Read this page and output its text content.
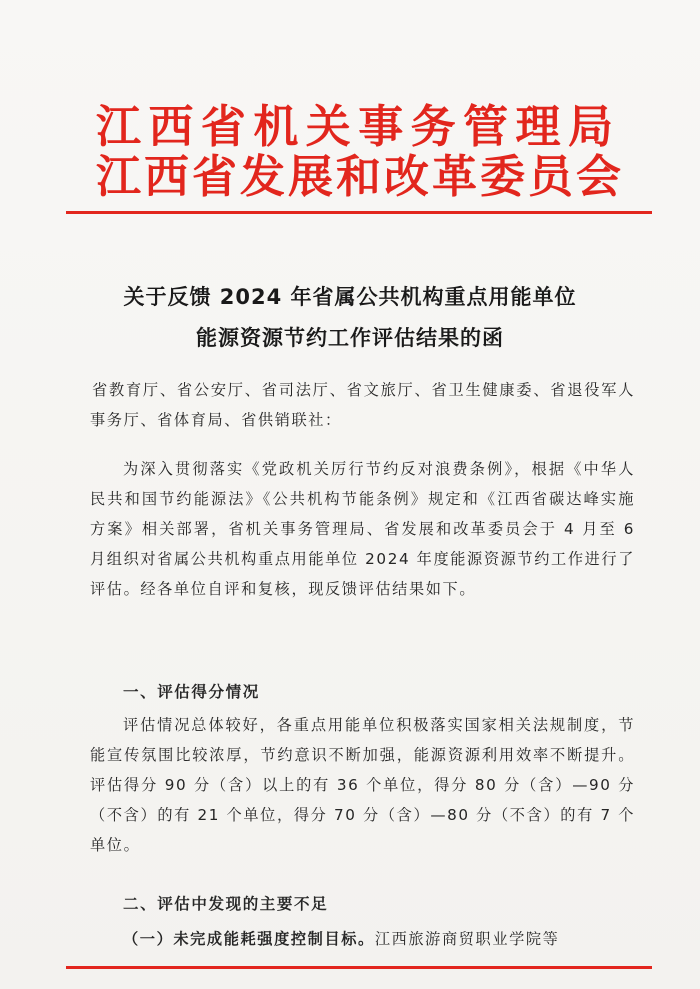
江西省机关事务管理局
江西省发展和改革委员会
关于反馈 2024 年省属公共机构重点用能单位
能源资源节约工作评估结果的函
省教育厅、省公安厅、省司法厅、省文旅厅、省卫生健康委、省退役军人事务厅、省体育局、省供销联社：
为深入贯彻落实《党政机关厉行节约反对浪费条例》，根据《中华人民共和国节约能源法》《公共机构节能条例》规定和《江西省碳达峰实施方案》相关部署，省机关事务管理局、省发展和改革委员会于 4 月至 6 月组织对省属公共机构重点用能单位 2024 年度能源资源节约工作进行了评估。经各单位自评和复核，现反馈评估结果如下。
一、评估得分情况
评估情况总体较好，各重点用能单位积极落实国家相关法规制度，节能宣传氛围比较浓厚，节约意识不断加强，能源资源利用效率不断提升。评估得分 90 分（含）以上的有 36 个单位，得分 80 分（含）—90 分（不含）的有 21 个单位，得分 70 分（含）—80 分（不含）的有 7 个单位。
二、评估中发现的主要不足
（一）未完成能耗强度控制目标。江西旅游商贸职业学院等
